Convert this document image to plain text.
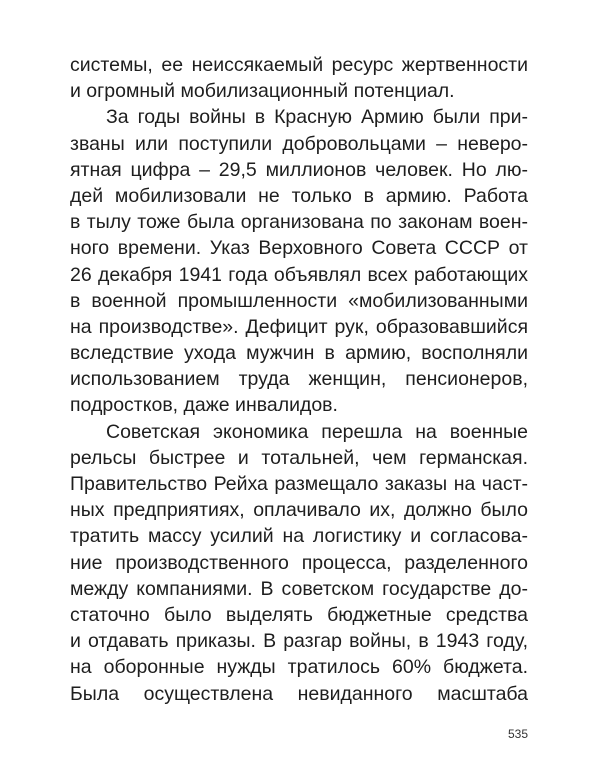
системы, ее неиссякаемый ресурс жертвенности
и огромный мобилизационный потенциал.
За годы войны в Красную Армию были при-
званы или поступили добровольцами – неверо-
ятная цифра – 29,5 миллионов человек. Но лю-
дей мобилизовали не только в армию. Работа
в тылу тоже была организована по законам воен-
ного времени. Указ Верховного Совета СССР от
26 декабря 1941 года объявлял всех работающих
в военной промышленности «мобилизованными
на производстве». Дефицит рук, образовавшийся
вследствие ухода мужчин в армию, восполняли
использованием труда женщин, пенсионеров,
подростков, даже инвалидов.
Советская экономика перешла на военные
рельсы быстрее и тотальней, чем германская.
Правительство Рейха размещало заказы на част-
ных предприятиях, оплачивало их, должно было
тратить массу усилий на логистику и согласова-
ние производственного процесса, разделенного
между компаниями. В советском государстве до-
статочно было выделять бюджетные средства
и отдавать приказы. В разгар войны, в 1943 году,
на оборонные нужды тратилось 60% бюджета.
Была осуществлена невиданного масштаба
535
